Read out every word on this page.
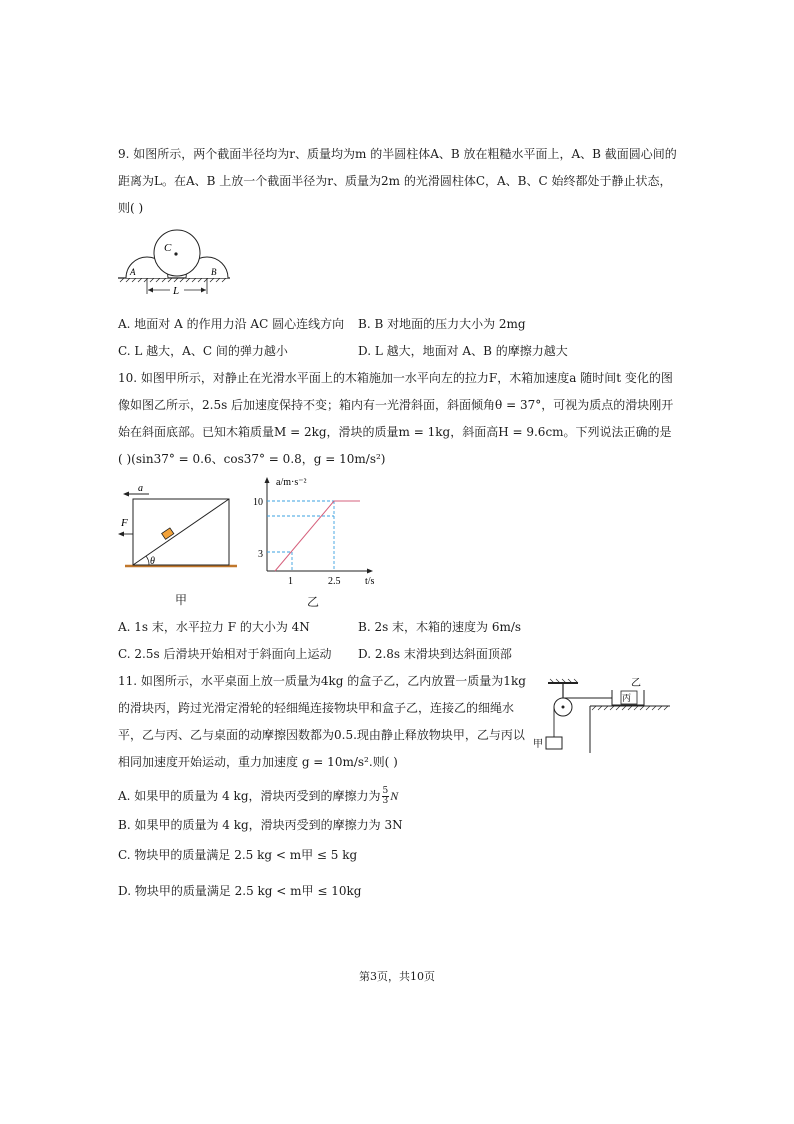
9. 如图所示，两个截面半径均为r、质量均为m 的半圆柱体A、B 放在粗糙水平面上，A、B 截面圆心间的
距离为L。在A、B 上放一个截面半径为r、质量为2m 的光滑圆柱体C，A、B、C 始终都处于静止状态，
则( )
C
A	B
L
A. 地面对 A 的作用力沿 AC 圆心连线方向 B. B 对地面的压力大小为 2mg
C. L 越大，A、C 间的弹力越小	D. L 越大，地面对 A、B 的摩擦力越大
10. 如图甲所示，对静止在光滑水平面上的木箱施加一水平向左的拉力F，木箱加速度a 随时间t 变化的图
像如图乙所示，2.5s 后加速度保持不变；箱内有一光滑斜面，斜面倾角θ = 37°，可视为质点的滑块刚开
始在斜面底部。已知木箱质量M = 2kg，滑块的质量m = 1kg，斜面高H = 9.6cm。下列说法正确的是
( )(sin37° = 0.6、cos37° = 0.8，g = 10m/s²)
θ
a
F
甲
a/m·s⁻²
t/s
10
3
1	2.5
乙
A. 1s 末，水平拉力 F 的大小为 4N	B. 2s 末，木箱的速度为 6m/s
C. 2.5s 后滑块开始相对于斜面向上运动 D. 2.8s 末滑块到达斜面顶部
11. 如图所示，水平桌面上放一质量为4kg 的盒子乙，乙内放置一质量为1kg
的滑块丙，跨过光滑定滑轮的轻细绳连接物块甲和盒子乙，连接乙的细绳水
平，乙与丙、乙与桌面的动摩擦因数都为0.5.现由静止释放物块甲，乙与丙以
相同加速度开始运动，重力加速度 g = 10m/s².则( )
甲
丙
乙
A. 如果甲的质量为 4 kg，滑块丙受到的摩擦力为 $\frac{5}{3}$ N
B. 如果甲的质量为 4 kg，滑块丙受到的摩擦力为 3N
C. 物块甲的质量满足 2.5 kg < m甲 ≤ 5 kg
D. 物块甲的质量满足 2.5 kg < m甲 ≤ 10kg
第3页，共10页
